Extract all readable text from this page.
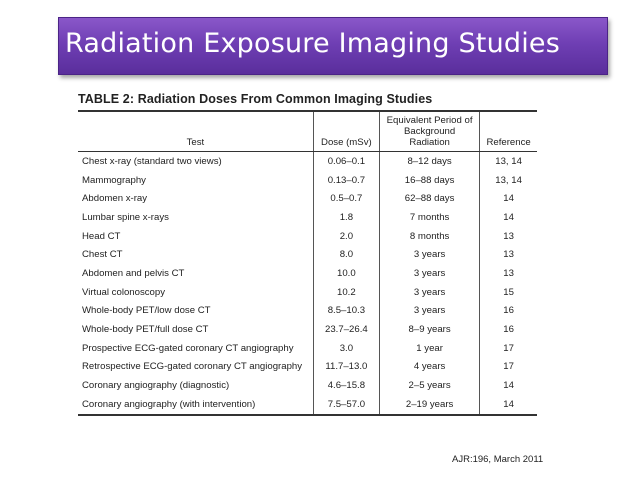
Radiation Exposure Imaging Studies
TABLE 2: Radiation Doses From Common Imaging Studies
Test	Dose (mSv)	Equivalent Period of Background Radiation	Reference
Chest x-ray (standard two views)	0.06–0.1	8–12 days	13, 14
Mammography	0.13–0.7	16–88 days	13, 14
Abdomen x-ray	0.5–0.7	62–88 days	14
Lumbar spine x-rays	1.8	7 months	14
Head CT	2.0	8 months	13
Chest CT	8.0	3 years	13
Abdomen and pelvis CT	10.0	3 years	13
Virtual colonoscopy	10.2	3 years	15
Whole-body PET/low dose CT	8.5–10.3	3 years	16
Whole-body PET/full dose CT	23.7–26.4	8–9 years	16
Prospective ECG-gated coronary CT angiography	3.0	1 year	17
Retrospective ECG-gated coronary CT angiography	11.7–13.0	4 years	17
Coronary angiography (diagnostic)	4.6–15.8	2–5 years	14
Coronary angiography (with intervention)	7.5–57.0	2–19 years	14
AJR:196, March 2011
